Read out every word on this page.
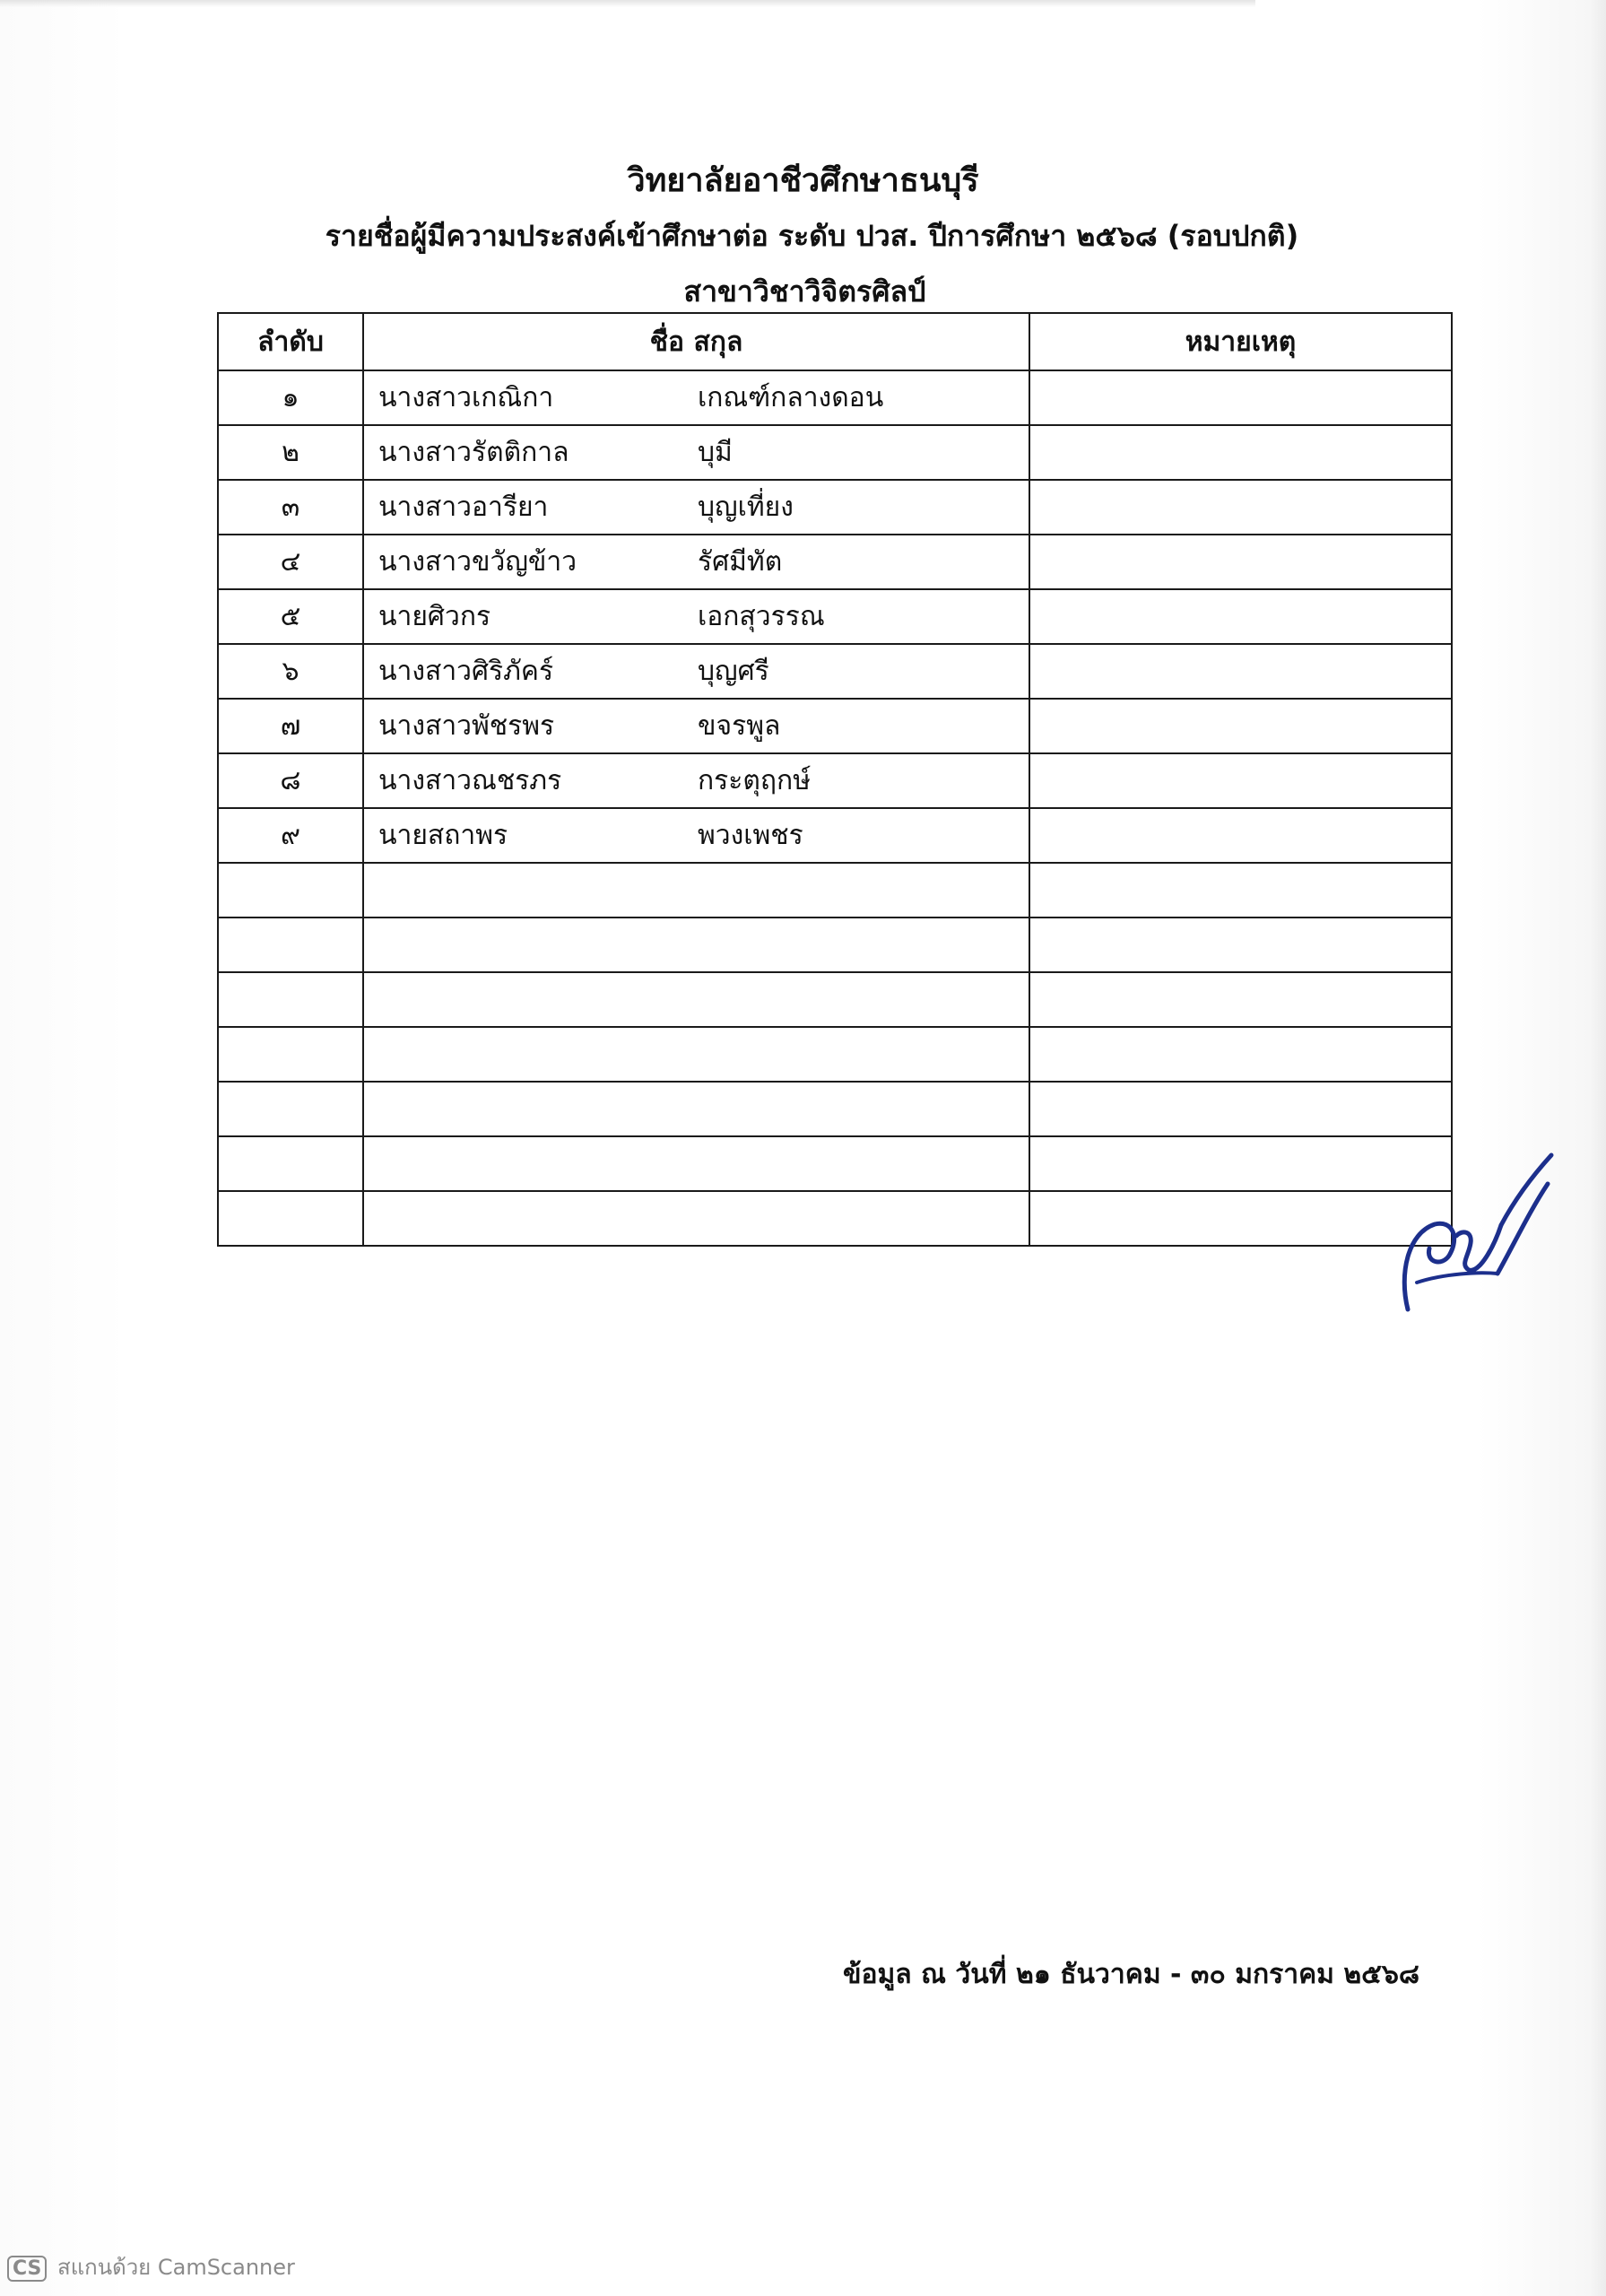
วิทยาลัยอาชีวศึกษาธนบุรี
รายชื่อผู้มีความประสงค์เข้าศึกษาต่อ ระดับ ปวส. ปีการศึกษา ๒๕๖๘ (รอบปกติ)
สาขาวิชาวิจิตรศิลป์
ลำดับ	ชื่อ สกุล	หมายเหตุ
๑	นางสาวเกณิกา เกณฑ์กลางดอน	
๒	นางสาวรัตติกาล บุมี	
๓	นางสาวอารียา บุญเที่ยง	
๔	นางสาวขวัญข้าว รัศมีทัต	
๕	นายศิวกร เอกสุวรรณ	
๖	นางสาวศิริภัคร์ บุญศรี	
๗	นางสาวพัชรพร ขจรพูล	
๘	นางสาวณชรภร กระตุฤกษ์	
๙	นายสถาพร พวงเพชร	

ข้อมูล ณ วันที่ ๒๑ ธันวาคม - ๓๐ มกราคม ๒๕๖๘
CS สแกนด้วย CamScanner
